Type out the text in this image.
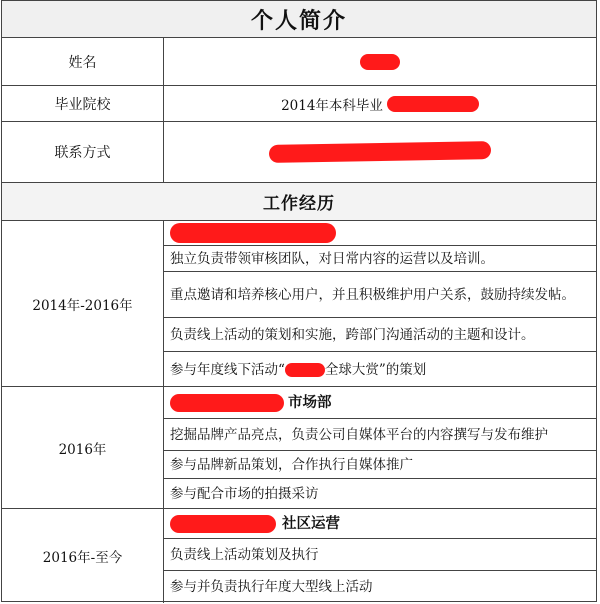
个人简介
姓名
毕业院校	2014年本科毕业
联系方式
工作经历
2014年-2016年
独立负责带领审核团队，对日常内容的运营以及培训。
重点邀请和培养核心用户，并且积极维护用户关系，鼓励持续发帖。
负责线上活动的策划和实施，跨部门沟通活动的主题和设计。
参与年度线下活动“	全球大赏”的策划
2016年
市场部
挖掘品牌产品亮点，负责公司自媒体平台的内容撰写与发布维护
参与品牌新品策划，合作执行自媒体推广
参与配合市场的拍摄采访
2016年-至今
社区运营
负责线上活动策划及执行
参与并负责执行年度大型线上活动
